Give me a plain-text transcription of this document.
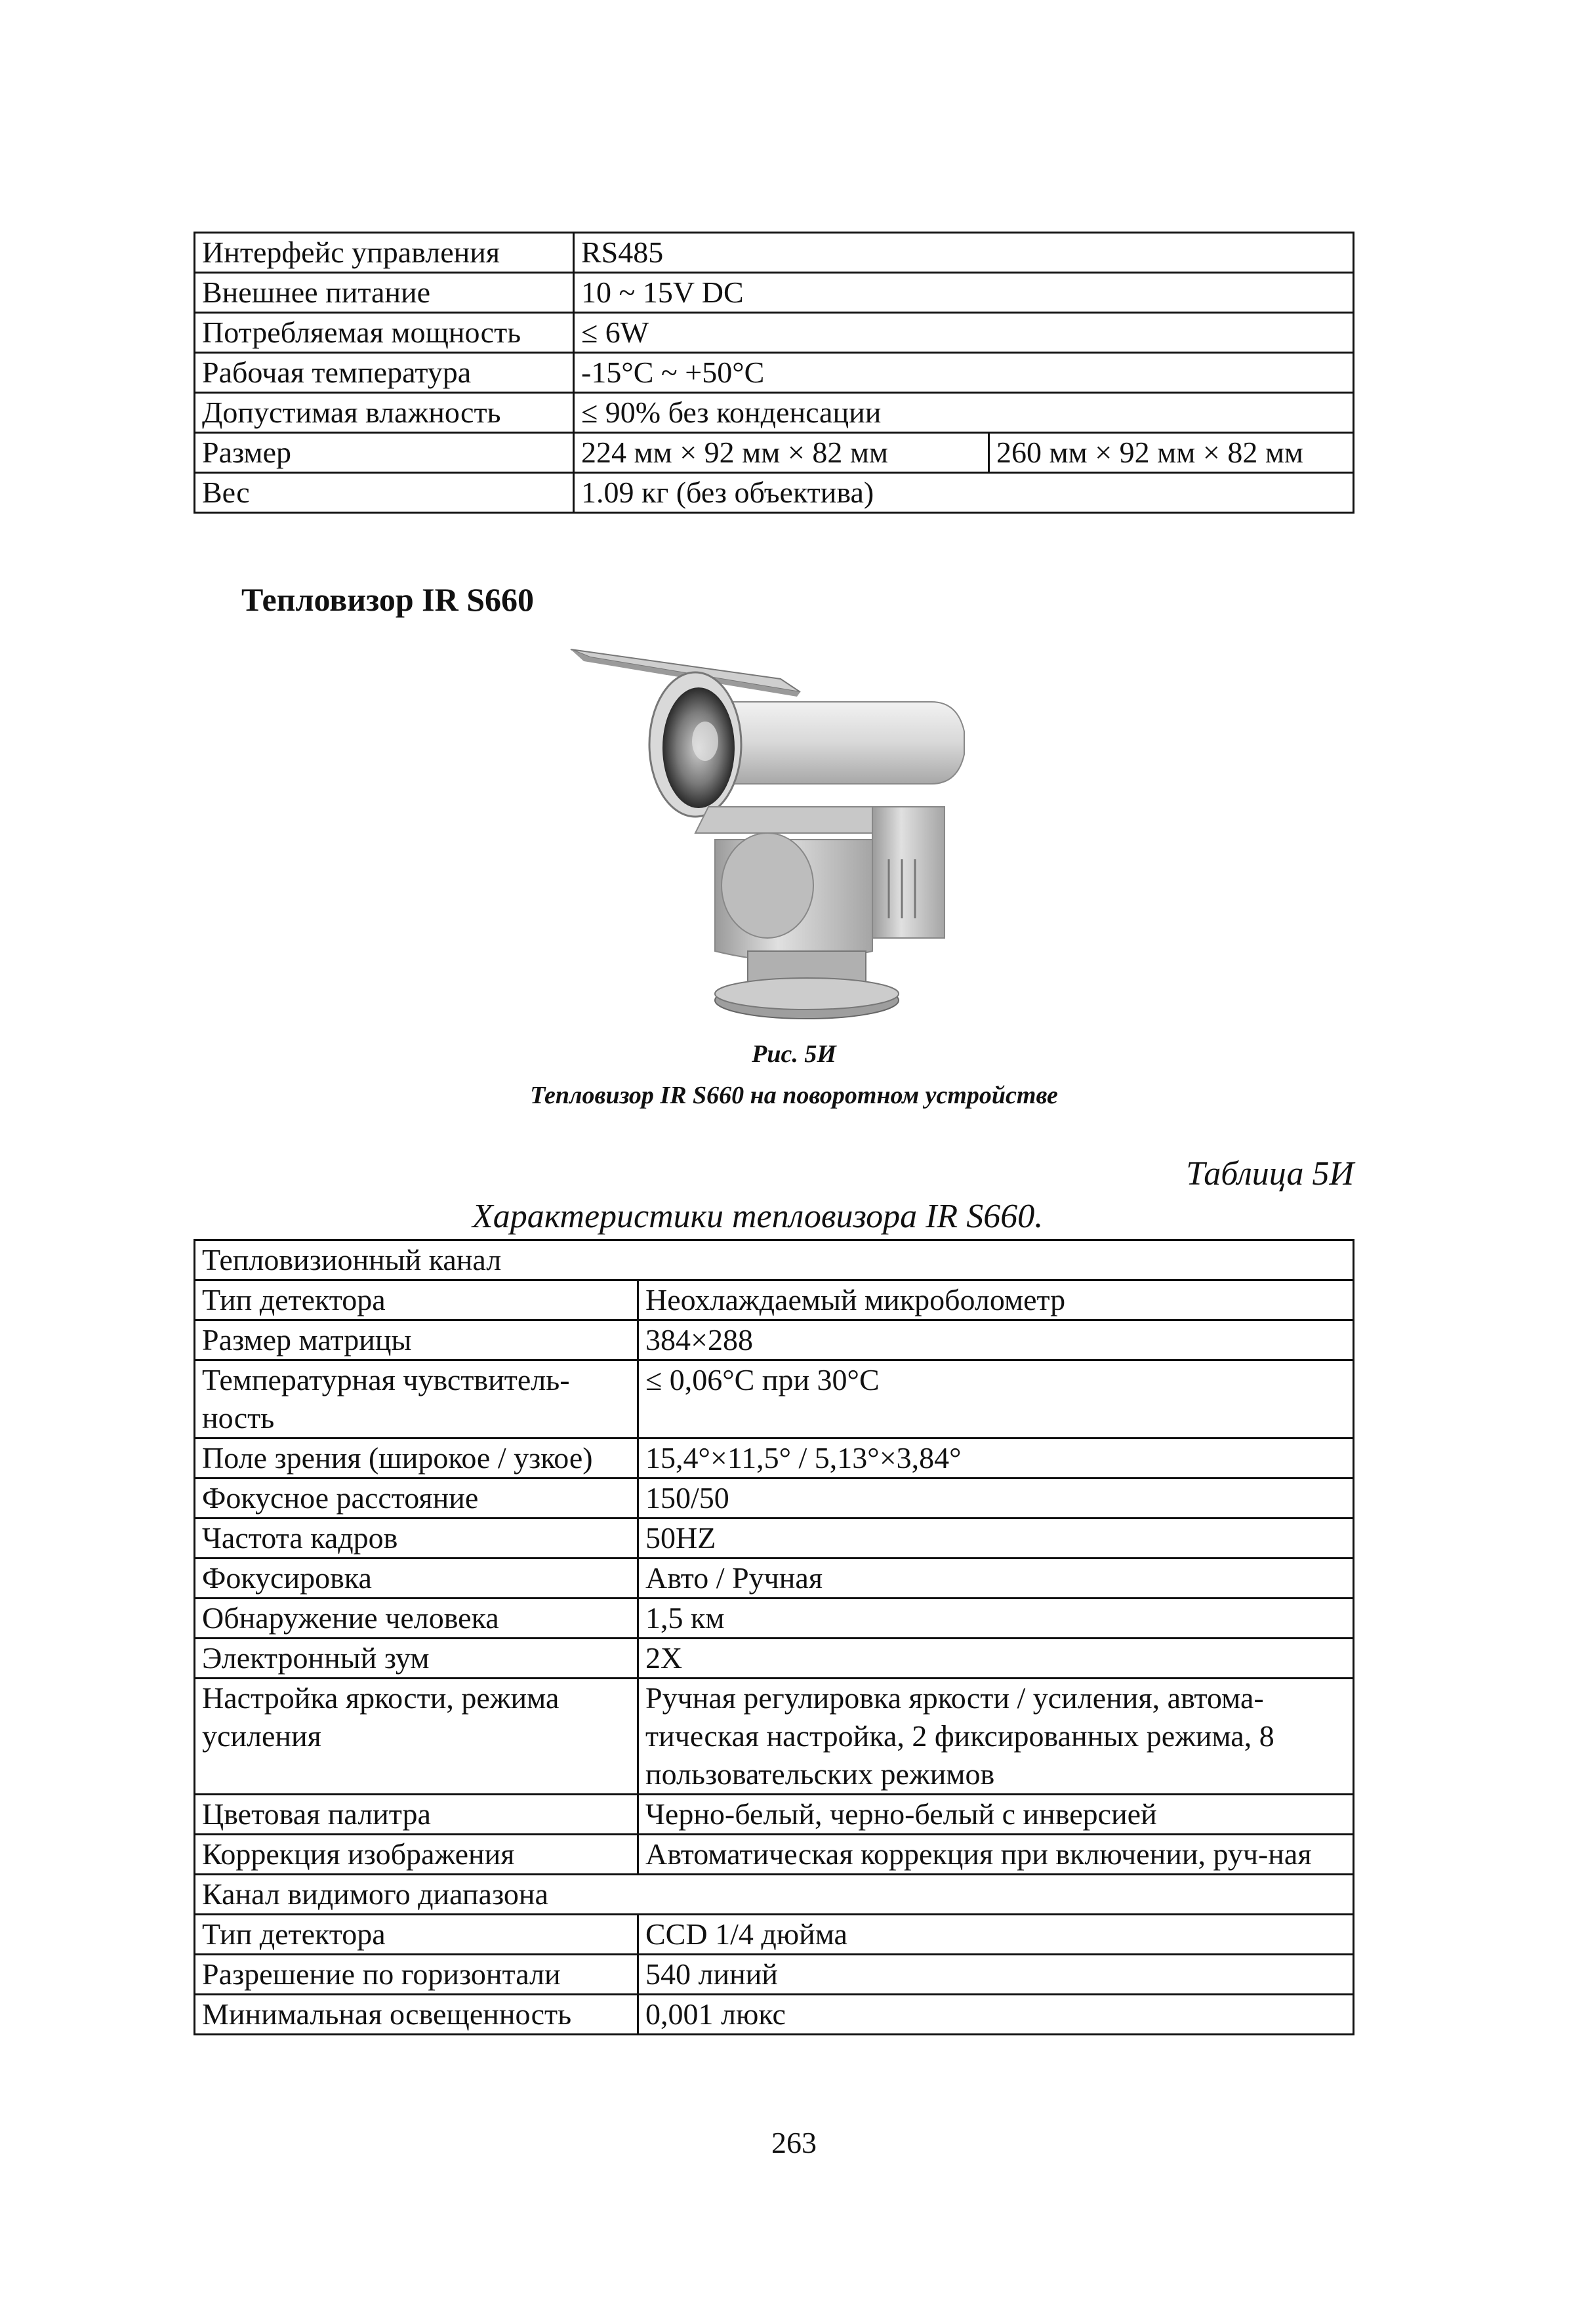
Интерфейс управления	RS485	
Внешнее питание	10 ~ 15V DC	
Потребляемая мощность	≤ 6W	
Рабочая температура	-15°C ~ +50°C	
Допустимая влажность	≤ 90% без конденсации	
Размер	224 мм × 92 мм × 82 мм	260 мм × 92 мм × 82 мм
Вес	1.09 кг (без объектива)	
Тепловизор IR S660
Рис. 5И
Тепловизор IR S660 на поворотном устройстве
Таблица 5И
Характеристики тепловизора IR S660.
Тепловизионный канал	
Тип детектора	Неохлаждаемый микроболометр
Размер матрицы	384×288
Температурная чувствитель-ность	≤ 0,06°C при 30°C
Поле зрения (широкое / узкое)	15,4°×11,5° / 5,13°×3,84°
Фокусное расстояние	150/50
Частота кадров	50HZ
Фокусировка	Авто / Ручная
Обнаружение человека	1,5 км
Электронный зум	2X
Настройка яркости, режима усиления	Ручная регулировка яркости / усиления, автома-тическая настройка, 2 фиксированных режима, 8 пользовательских режимов
Цветовая палитра	Черно-белый, черно-белый с инверсией
Коррекция изображения	Автоматическая коррекция при включении, руч-ная
Канал видимого диапазона	
Тип детектора	CCD 1/4 дюйма
Разрешение по горизонтали	540 линий
Минимальная освещенность	0,001 люкс
263
